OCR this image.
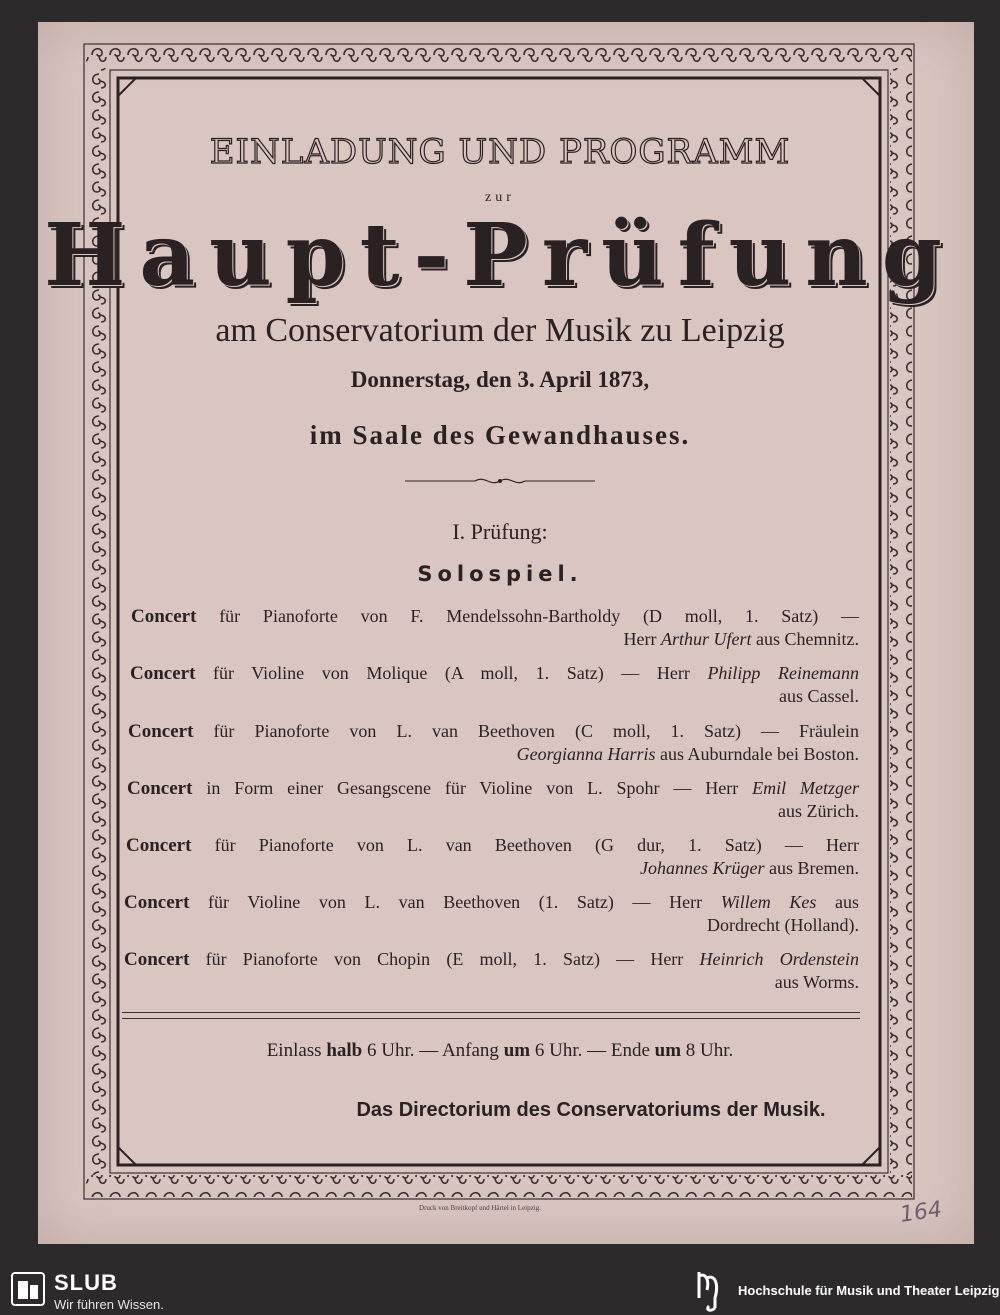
EINLADUNG UND PROGRAMM
zur
Haupt-Prüfung
am Conservatorium der Musik zu Leipzig
Donnerstag, den 3. April 1873,
im Saale des Gewandhauses.
I. Prüfung:
Solospiel.
Concert für Pianoforte von F. Mendelssohn-Bartholdy (D moll, 1. Satz) —
Herr Arthur Ufert aus Chemnitz.
Concert für Violine von Molique (A moll, 1. Satz) — Herr Philipp Reinemann
aus Cassel.
Concert für Pianoforte von L. van Beethoven (C moll, 1. Satz) — Fräulein
Georgianna Harris aus Auburndale bei Boston.
Concert in Form einer Gesangscene für Violine von L. Spohr — Herr Emil Metzger
aus Zürich.
Concert für Pianoforte von L. van Beethoven (G dur, 1. Satz) — Herr
Johannes Krüger aus Bremen.
Concert für Violine von L. van Beethoven (1. Satz) — Herr Willem Kes aus
Dordrecht (Holland).
Concert für Pianoforte von Chopin (E moll, 1. Satz) — Herr Heinrich Ordenstein
aus Worms.
Einlass halb 6 Uhr. — Anfang um 6 Uhr. — Ende um 8 Uhr.
Das Directorium des Conservatoriums der Musik.
Druck von Breitkopf und Härtel in Leipzig.	164
SLUB
Wir führen Wissen.
Hochschule für Musik und Theater Leipzig
